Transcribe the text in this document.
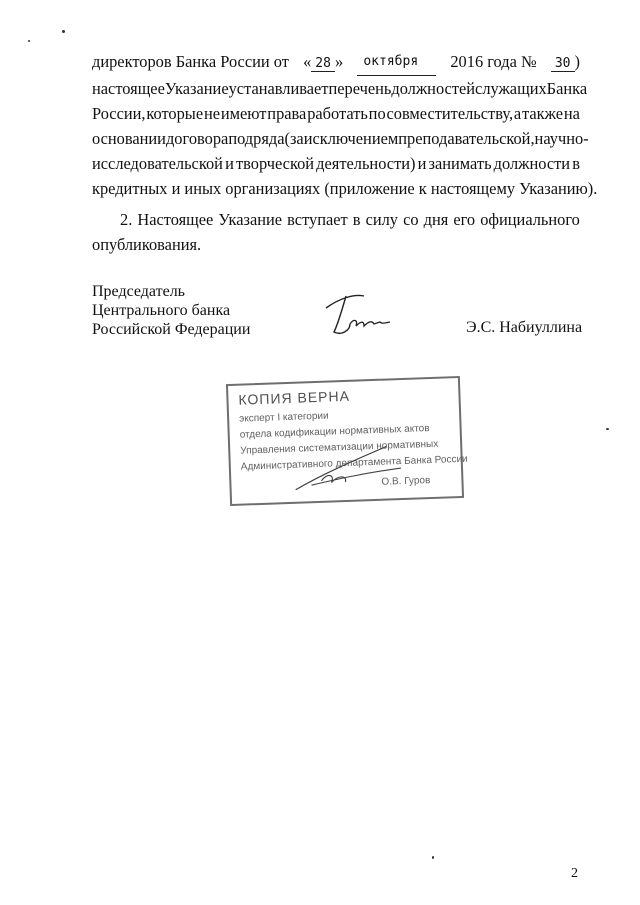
директоров Банка России от « 28 »	октября	2016 года №	30 )
настоящее Указание устанавливает перечень должностей служащих Банка
России, которые не имеют права работать по совместительству, а также на
основании договора подряда (за исключением преподавательской, научно-
исследовательской и творческой деятельности) и занимать должности в
кредитных и иных организациях (приложение к настоящему Указанию).
2. Настоящее Указание вступает в силу со дня его официального
опубликования.
Председатель
Центрального банка
Российской Федерации	Э.С. Набиуллина
КОПИЯ ВЕРНА
эксперт I категории
отдела кодификации нормативных актов
Управления систематизации нормативных
Административного департамента Банка России
О.В. Гуров
2
